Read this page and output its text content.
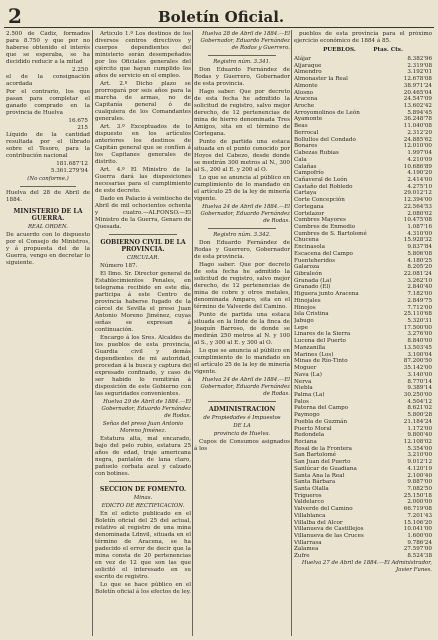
2	Boletín Oficial.

2.500 de Cádiz, formados para 8.750 y que por no haberse obtenido el interés que se esperaba, se ha decidido reducir a la mitad

2.250

el de la consignación acordada

Por el contrario, los que pasan para completar el ganado comprado en la provincia de Huelva

16.675
215

Líquido de la cantidad resultada por el líbrado sobre el Tesoro, para la contribución nacional

181.687'12
5.361.279'94
(No conforme.)

Huelva del 28 de Abril de 1884.

MINISTERIO DE LA GUERRA.
REAL ORDEN.

De acuerdo con lo dispuesto por el Consejo de Ministros, y á propuesta del de la Guerra, vengo en decretar lo siguiente.

Artículo 1.º Los destinos de los diversos centros directivos y cuerpos dependientes del ministerio serán desempeñados por los Oficiales generales del ejército que hayan cumplido los años de servicio en el empleo.

Art. 2.º Dicho plazo se prorrogará por seis años para la marcha de armas, no de Capitanía general ó de cualquiera de los Comandantes generales.

Art. 3.º Exceptuados de lo dispuesto en los artículos anteriores los destinos de Capitán general que se confíen á los Capitanes generales de distrito.

Art. 4.º El Ministro de la Guerra dará las disposiciones necesarias para el cumplimiento de este decreto.

Dado en Palacio á veintiocho de Abril de mil ochocientos ochenta y cuatro.—ALFONSO.—El Ministro de la Guerra, Genaro de Quesada.

GOBIERNO CIVIL DE LA PROVINCIA.
CIRCULAR.

Número 187.

El Ilmo. Sr. Director general de Establecimientos Penales, en telegrama recibido en este día, participa á este Centro de provincia haberse fugado de la cárcel de Sevilla el preso Juan Antonio Moreno Jiménez, cuyas señas se expresan á continuación.

Encargo á los Sres. Alcaldes de los pueblos de esta provincia, Guardia civil y demás dependientes de mi autoridad, procedan á la busca y captura del expresado confinado, y caso de ser habido lo remitirán á disposición de este Gobierno con las seguridades convenientes.

Huelva 29 de Abril de 1884.—El Gobernador, Eduardo Fernández de Rodas.

Señas del preso Juan Antonio Moreno Jiménez.

Estatura alta, mal encarado, bajo del pelo rubio, estatura 25 años de edad, traje americana negra, pantalón de lana claro, pañuelo corbata azul y calzado con botines.

SECCION DE FOMENTO.
Minas.
EDICTO DE RECTIFICACION.

En el edicto publicado en el Boletín oficial del 25 del actual, relativo al registro de una mina denominada Ldnvil, situada en el término de Aracena, se ha padecido el error de decir que la mina consta de 20 pertenencias en vez de 12 que son las que solicitó el interesado en su escrito de registro.

Lo que se hace público en el Boletín oficial á los efectos de ley.

Huelva 28 de Abril de 1884.—El Gobernador, Eduardo Fernández de Rodas y Guerrero.

Registro núm. 3.341.

Don Eduardo Fernández de Rodas y Guerrero, Gobernador de esta provincia.

Hago saber: Que por decreto de esta fecha he admitido la solicitud de registro, salvo mejor derecho, de 12 pertenencias de mina de hierro denominada Tres Amigos, sita en el término de Cortegana.

Punto de partida una estaca situada en el punto conocido por Hoyos del Cabezo, desde donde se medirán 300 metros al N., 300 al S., 200 al E. y 200 al O.

Lo que se anuncia al público en cumplimiento de lo mandado en el artículo 25 de la ley de minería vigente.

Huelva 24 de Abril de 1884.—El Gobernador, Eduardo Fernández de Rodas.

Registro núm. 3.342.

Don Eduardo Fernández de Rodas y Guerrero, Gobernador de esta provincia.

Hago saber: Que por decreto de esta fecha he admitido la solicitud de registro, salvo mejor derecho, de 12 pertenencias de mina de cobre y otros metales, denominada Amparo, sita en el término de Valverde del Camino.

Punto de partida una estaca situada en la linde de la finca de Joaquín Barroso, de donde se medirán 250 metros al N. y 100 al S., y 300 al E. y 300 al O.

Lo que se anuncia al público en cumplimiento de lo mandado en el artículo 25 de la ley de minería vigente.

Huelva 24 de Abril de 1884.—El Gobernador, Eduardo Fernández de Rodas.

ADMINISTRACION
de Propiedades é Impuestos
DE LA
provincia de Huelva.

Cupos de Consumos asignados á los

pueblos de esta provincia para el próximo ejercicio económico de 1884 á 85.

PUEBLOS.	Ptas. Cts.
Alájar	8.382'96
Aljaraque	2.319'08
Almendro	3.192'01
Almonaster la Real	12.678'08
Almonte	38.971'24
Alosno	20.465'04
Aracena	24.547'09
Aroche	13.602'42
Arroyomolinos de León	5.894'45
Ayamonte	36.248'78
Beas	11.040'08
Berrocal	2.312'20
Bollullos del Condado	24.885'62
Bonares	12.010'00
Cabezas Rubias	1.997'04
Cala	4.210'09
Calañas	10.686'89
Campofrío	4.190'20
Cañaveral de León	2.414'00
Castaño del Robledo	4.275'10
Cartaya	29.012'12
Corte Concepción	12.394'00
Cortegana	22.564'53
Cortelazor	2.080'02
Cumbres Mayores	10.475'08
Cumbres de Enmedio	1.087'16
Cumbres de S. Bartolomé	4.310'00
Chucena	15.928'32
Encinasola	9.837'84
Escacena del Campo	5.806'08
Fuenteheridos	4.180'25
Galaroza	8.205'20
Gibraleón	22.081'24
Granada (La)	3.262'10
Granado (El)	2.840'40
Higuera junto Aracena	7.182'00
Hinojales	2.849'75
Hinojos	7.712'00
Isla Cristina	25.110'68
Jabugo	5.320'31
Lepe	17.500'00
Linares de la Sierra	3.276'00
Lucena del Puerto	8.840'00
Manzanilla	13.503'45
Marines (Los)	3.100'04
Minas de Río-Tinto	87.200'50
Moguer	35.142'00
Nava (La)	3.140'00
Nerva	8.770'14
Niebla	9.389'14
Palma (La)	30.250'00
Palos	4.504'12
Paterna del Campo	8.621'02
Paymogo	5.800'28
Puebla de Guzmán	21.184'24
Puerto Moral	1.172'00
Redondela	9.800'40
Rociana	12.108'02
Rosal de la Frontera	5.354'00
San Bartolomé	3.210'00
San Juan del Puerto	9.012'12
Sanlúcar de Guadiana	4.120'19
Santa Ana la Real	2.100'40
Santa Bárbara	9.887'00
Santa Olalla	7.082'50
Trigueros	25.150'18
Valdelarco	2.000'00
Valverde del Camino	66.719'08
Villablanca	7.201'43
Villalba del Alcor	15.106'20
Villanueva de Castillejos	10.041'00
Villanueva de las Cruces	1.600'00
Villarrasa	9.786'24
Zalamea	27.597'00
Zufre	8.524'38

Huelva 27 de Abril de 1884.—El Administrador, Javier Funes.
